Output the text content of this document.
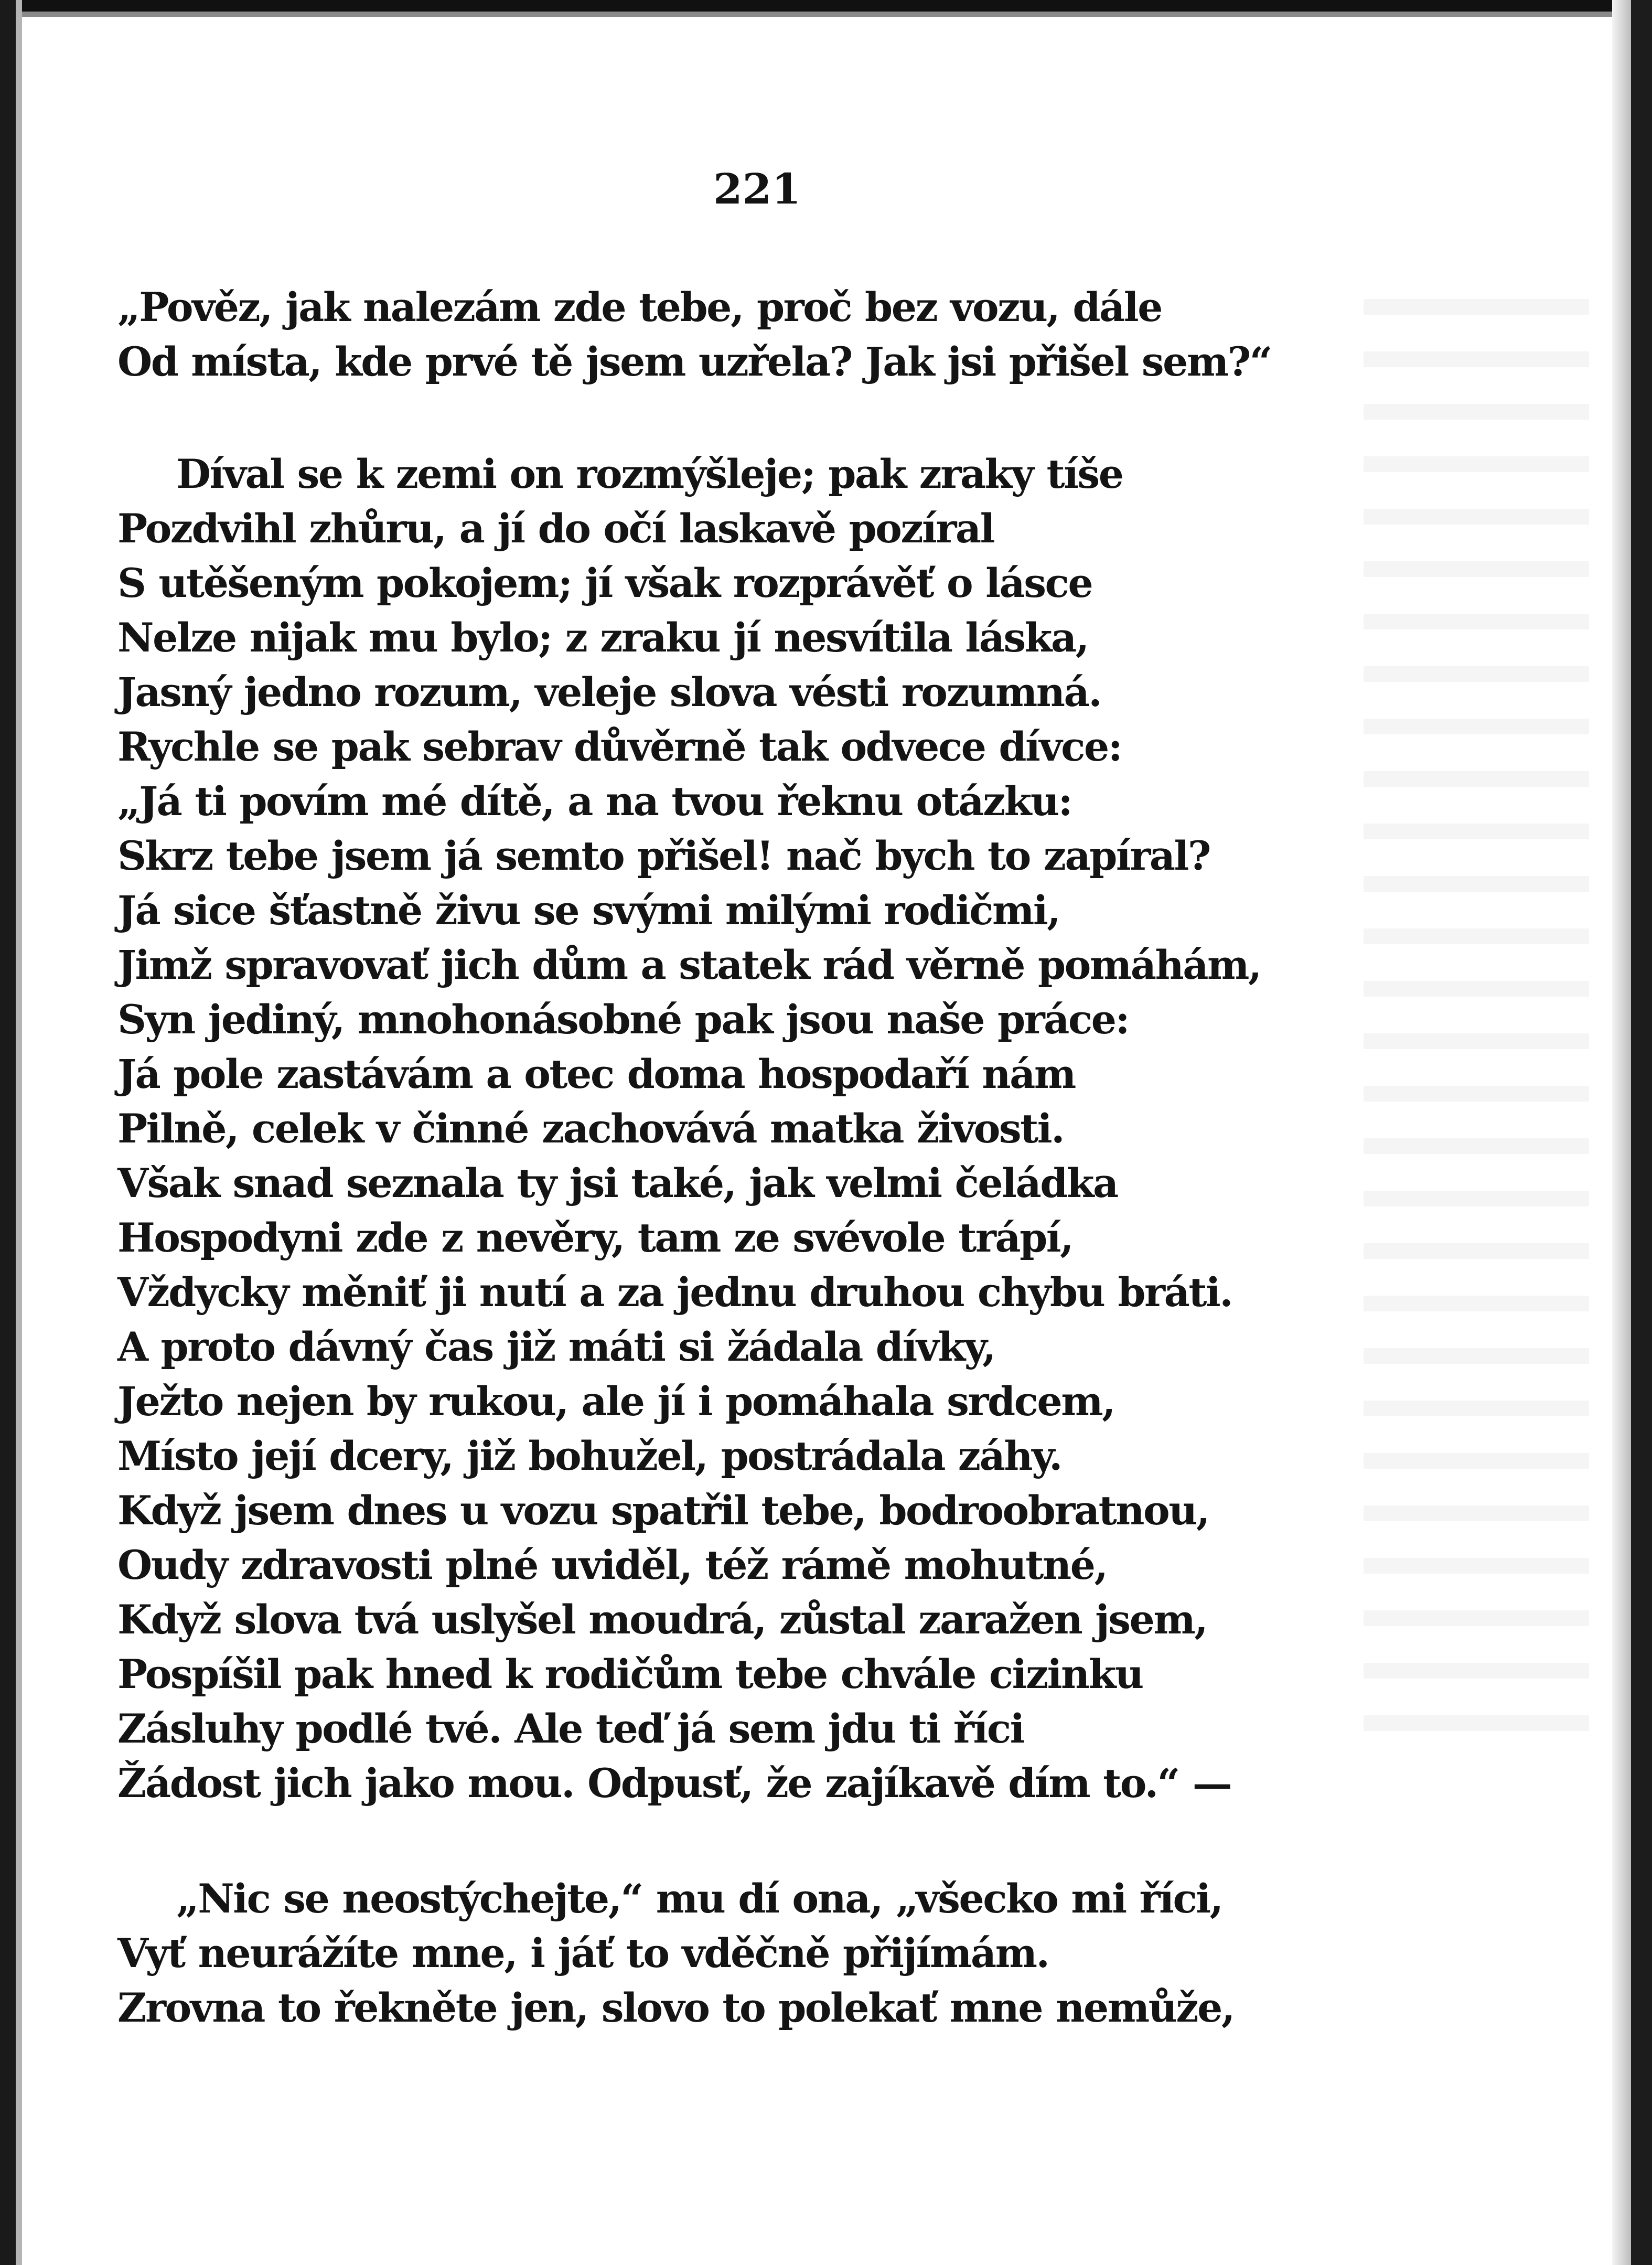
221
„Pověz, jak nalezám zde tebe, proč bez vozu, dále
Od místa, kde prvé tě jsem uzřela? Jak jsi přišel sem?“
Díval se k zemi on rozmýšleje; pak zraky tíše
Pozdvihl zhůru, a jí do očí laskavě pozíral
S utěšeným pokojem; jí však rozprávěť o lásce
Nelze nijak mu bylo; z zraku jí nesvítila láska,
Jasný jedno rozum, veleje slova vésti rozumná.
Rychle se pak sebrav důvěrně tak odvece dívce:
„Já ti povím mé dítě, a na tvou řeknu otázku:
Skrz tebe jsem já semto přišel! nač bych to zapíral?
Já sice šťastně živu se svými milými rodičmi,
Jimž spravovať jich dům a statek rád věrně pomáhám,
Syn jediný, mnohonásobné pak jsou naše práce:
Já pole zastávám a otec doma hospodaří nám
Pilně, celek v činné zachovává matka živosti.
Však snad seznala ty jsi také, jak velmi čeládka
Hospodyni zde z nevěry, tam ze svévole trápí,
Vždycky měniť ji nutí a za jednu druhou chybu bráti.
A proto dávný čas již máti si žádala dívky,
Ježto nejen by rukou, ale jí i pomáhala srdcem,
Místo její dcery, již bohužel, postrádala záhy.
Když jsem dnes u vozu spatřil tebe, bodroobratnou,
Oudy zdravosti plné uviděl, též rámě mohutné,
Když slova tvá uslyšel moudrá, zůstal zaražen jsem,
Pospíšil pak hned k rodičům tebe chvále cizinku
Zásluhy podlé tvé. Ale teď já sem jdu ti říci
Žádost jich jako mou. Odpusť, že zajíkavě dím to.“ —
„Nic se neostýchejte,“ mu dí ona, „všecko mi říci,
Vyť neurážíte mne, i jáť to vděčně přijímám.
Zrovna to řekněte jen, slovo to polekať mne nemůže,
